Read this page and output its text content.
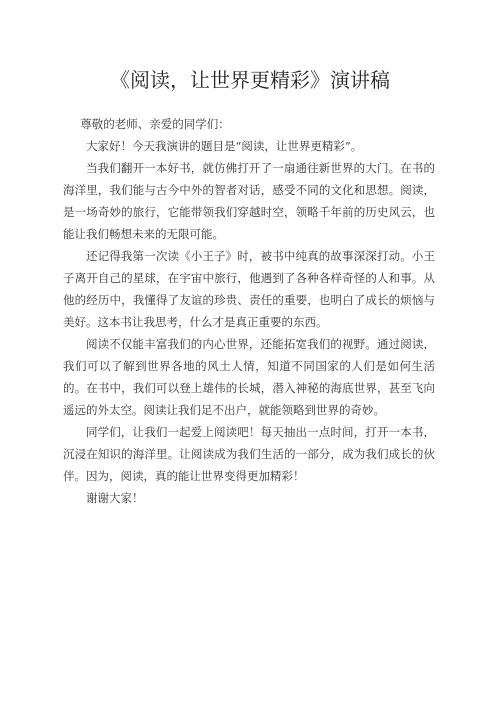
《阅读，让世界更精彩》演讲稿

尊敬的老师、亲爱的同学们：

大家好！今天我演讲的题目是“阅读，让世界更精彩”。

当我们翻开一本好书，就仿佛打开了一扇通往新世界的大门。在书的海洋里，我们能与古今中外的智者对话，感受不同的文化和思想。阅读，是一场奇妙的旅行，它能带领我们穿越时空，领略千年前的历史风云，也能让我们畅想未来的无限可能。

还记得我第一次读《小王子》时，被书中纯真的故事深深打动。小王子离开自己的星球，在宇宙中旅行，他遇到了各种各样奇怪的人和事。从他的经历中，我懂得了友谊的珍贵、责任的重要，也明白了成长的烦恼与美好。这本书让我思考，什么才是真正重要的东西。

阅读不仅能丰富我们的内心世界，还能拓宽我们的视野。通过阅读，我们可以了解到世界各地的风土人情，知道不同国家的人们是如何生活的。在书中，我们可以登上雄伟的长城，潜入神秘的海底世界，甚至飞向遥远的外太空。阅读让我们足不出户，就能领略到世界的奇妙。

同学们，让我们一起爱上阅读吧！每天抽出一点时间，打开一本书，沉浸在知识的海洋里。让阅读成为我们生活的一部分，成为我们成长的伙伴。因为，阅读，真的能让世界变得更加精彩！

谢谢大家！
